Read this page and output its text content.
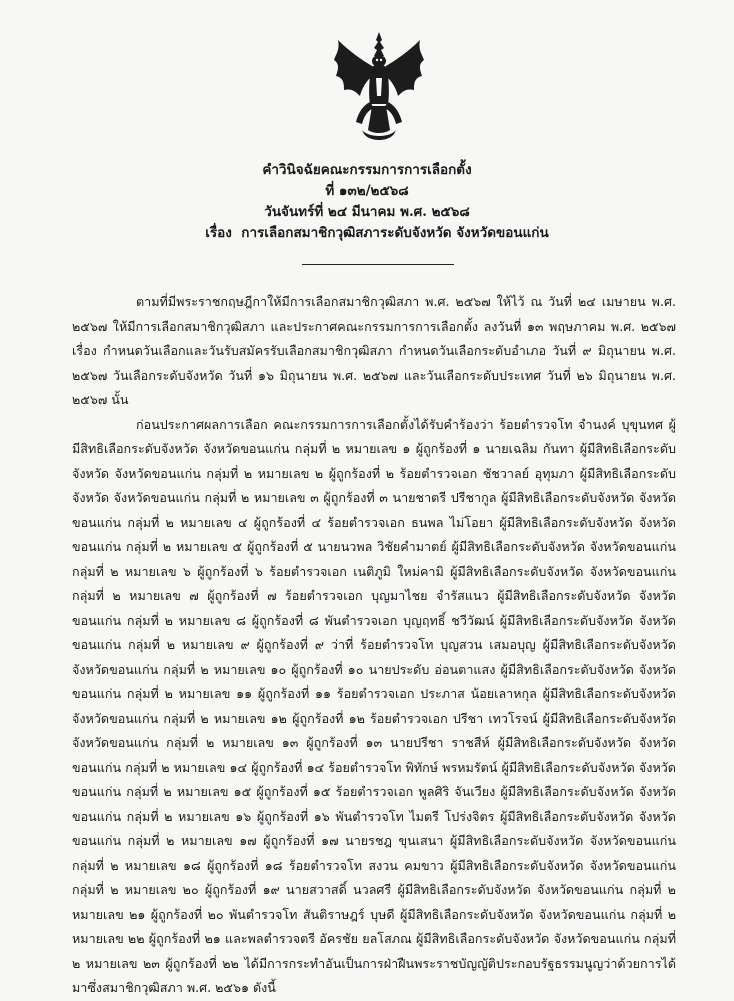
คำวินิจฉัยคณะกรรมการการเลือกตั้ง
ที่ ๑๓๒/๒๕๖๘
วันจันทร์ที่ ๒๔ มีนาคม พ.ศ. ๒๕๖๘
เรื่อง การเลือกสมาชิกวุฒิสภาระดับจังหวัด จังหวัดขอนแก่น

ตามที่มีพระราชกฤษฎีกาให้มีการเลือกสมาชิกวุฒิสภา พ.ศ. ๒๕๖๗ ให้ไว้ ณ วันที่ ๒๔ เมษายน พ.ศ. ๒๕๖๗ ให้มีการเลือกสมาชิกวุฒิสภา และประกาศคณะกรรมการการเลือกตั้ง ลงวันที่ ๑๓ พฤษภาคม พ.ศ. ๒๕๖๗ เรื่อง กำหนดวันเลือกและวันรับสมัครรับเลือกสมาชิกวุฒิสภา กำหนดวันเลือกระดับอำเภอ วันที่ ๙ มิถุนายน พ.ศ. ๒๕๖๗ วันเลือกระดับจังหวัด วันที่ ๑๖ มิถุนายน พ.ศ. ๒๕๖๗ และวันเลือกระดับประเทศ วันที่ ๒๖ มิถุนายน พ.ศ. ๒๕๖๗ นั้น

ก่อนประกาศผลการเลือก คณะกรรมการการเลือกตั้งได้รับคำร้องว่า ร้อยตำรวจโท จำนงค์ บุขุนทศ ผู้มีสิทธิเลือกระดับจังหวัด จังหวัดขอนแก่น กลุ่มที่ ๒ หมายเลข ๑ ผู้ถูกร้องที่ ๑ นายเฉลิม กันทา ผู้มีสิทธิเลือกระดับจังหวัด จังหวัดขอนแก่น กลุ่มที่ ๒ หมายเลข ๒ ผู้ถูกร้องที่ ๒ ร้อยตำรวจเอก ชัชวาลย์ อุทุมภา ผู้มีสิทธิเลือกระดับจังหวัด จังหวัดขอนแก่น กลุ่มที่ ๒ หมายเลข ๓ ผู้ถูกร้องที่ ๓ นายชาตรี ปรีชากูล ผู้มีสิทธิเลือกระดับจังหวัด จังหวัดขอนแก่น กลุ่มที่ ๒ หมายเลข ๔ ผู้ถูกร้องที่ ๔ ร้อยตำรวจเอก ธนพล ไม่โอยา ผู้มีสิทธิเลือกระดับจังหวัด จังหวัดขอนแก่น กลุ่มที่ ๒ หมายเลข ๕ ผู้ถูกร้องที่ ๕ นายนวพล วิชัยคำมาตย์ ผู้มีสิทธิเลือกระดับจังหวัด จังหวัดขอนแก่น กลุ่มที่ ๒ หมายเลข ๖ ผู้ถูกร้องที่ ๖ ร้อยตำรวจเอก เนติภูมิ ใหม่คามิ ผู้มีสิทธิเลือกระดับจังหวัด จังหวัดขอนแก่น กลุ่มที่ ๒ หมายเลข ๗ ผู้ถูกร้องที่ ๗ ร้อยตำรวจเอก บุญมาไชย จำรัสแนว ผู้มีสิทธิเลือกระดับจังหวัด จังหวัดขอนแก่น กลุ่มที่ ๒ หมายเลข ๘ ผู้ถูกร้องที่ ๘ พันตำรวจเอก บุญฤทธิ์ ชวีวัฒน์ ผู้มีสิทธิเลือกระดับจังหวัด จังหวัดขอนแก่น กลุ่มที่ ๒ หมายเลข ๙ ผู้ถูกร้องที่ ๙ ว่าที่ ร้อยตำรวจโท บุญสวน เสมอบุญ ผู้มีสิทธิเลือกระดับจังหวัด จังหวัดขอนแก่น กลุ่มที่ ๒ หมายเลข ๑๐ ผู้ถูกร้องที่ ๑๐ นายประดับ อ่อนตาแสง ผู้มีสิทธิเลือกระดับจังหวัด จังหวัดขอนแก่น กลุ่มที่ ๒ หมายเลข ๑๑ ผู้ถูกร้องที่ ๑๑ ร้อยตำรวจเอก ประภาส น้อยเลาหกุล ผู้มีสิทธิเลือกระดับจังหวัด จังหวัดขอนแก่น กลุ่มที่ ๒ หมายเลข ๑๒ ผู้ถูกร้องที่ ๑๒ ร้อยตำรวจเอก ปรีชา เทวโรจน์ ผู้มีสิทธิเลือกระดับจังหวัด จังหวัดขอนแก่น กลุ่มที่ ๒ หมายเลข ๑๓ ผู้ถูกร้องที่ ๑๓ นายปรีชา ราชสีห์ ผู้มีสิทธิเลือกระดับจังหวัด จังหวัดขอนแก่น กลุ่มที่ ๒ หมายเลข ๑๔ ผู้ถูกร้องที่ ๑๔ ร้อยตำรวจโท พิทักษ์ พรหมรัตน์ ผู้มีสิทธิเลือกระดับจังหวัด จังหวัดขอนแก่น กลุ่มที่ ๒ หมายเลข ๑๕ ผู้ถูกร้องที่ ๑๕ ร้อยตำรวจเอก พูลศิริ จันเวียง ผู้มีสิทธิเลือกระดับจังหวัด จังหวัดขอนแก่น กลุ่มที่ ๒ หมายเลข ๑๖ ผู้ถูกร้องที่ ๑๖ พันตำรวจโท ไมตรี โปร่งจิตร ผู้มีสิทธิเลือกระดับจังหวัด จังหวัดขอนแก่น กลุ่มที่ ๒ หมายเลข ๑๗ ผู้ถูกร้องที่ ๑๗ นายรชฎ ขุนเสนา ผู้มีสิทธิเลือกระดับจังหวัด จังหวัดขอนแก่น กลุ่มที่ ๒ หมายเลข ๑๘ ผู้ถูกร้องที่ ๑๘ ร้อยตำรวจโท สงวน คมขาว ผู้มีสิทธิเลือกระดับจังหวัด จังหวัดขอนแก่น กลุ่มที่ ๒ หมายเลข ๒๐ ผู้ถูกร้องที่ ๑๙ นายสวาสดิ์ นวลศรี ผู้มีสิทธิเลือกระดับจังหวัด จังหวัดขอนแก่น กลุ่มที่ ๒ หมายเลข ๒๑ ผู้ถูกร้องที่ ๒๐ พันตำรวจโท สันติราษฎร์ บุษดี ผู้มีสิทธิเลือกระดับจังหวัด จังหวัดขอนแก่น กลุ่มที่ ๒ หมายเลข ๒๒ ผู้ถูกร้องที่ ๒๑ และพลตำรวจตรี อัครชัย ยลโสภณ ผู้มีสิทธิเลือกระดับจังหวัด จังหวัดขอนแก่น กลุ่มที่ ๒ หมายเลข ๒๓ ผู้ถูกร้องที่ ๒๒ ได้มีการกระทำอันเป็นการฝ่าฝืนพระราชบัญญัติประกอบรัฐธรรมนูญว่าด้วยการได้มาซึ่งสมาชิกวุฒิสภา พ.ศ. ๒๕๖๑ ดังนี้
